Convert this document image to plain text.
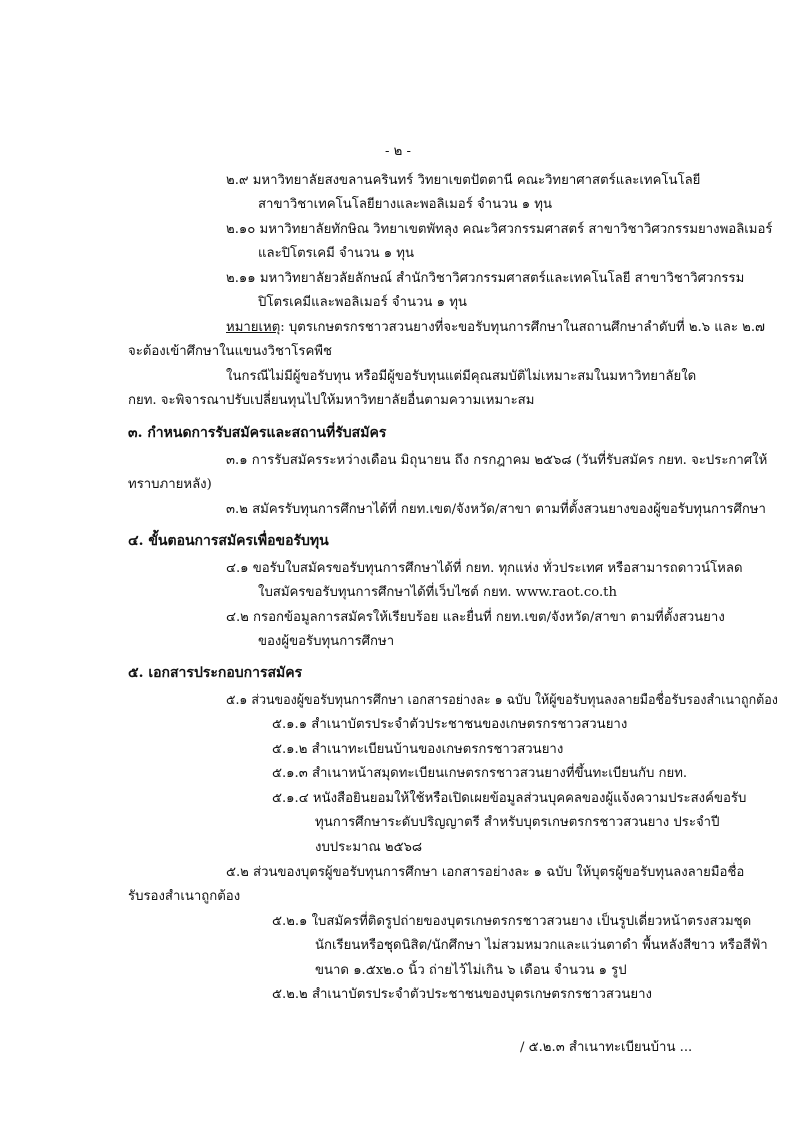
- ๒ -
๒.๙ มหาวิทยาลัยสงขลานครินทร์ วิทยาเขตปัตตานี คณะวิทยาศาสตร์และเทคโนโลยี
สาขาวิชาเทคโนโลยียางและพอลิเมอร์ จำนวน ๑ ทุน
๒.๑๐ มหาวิทยาลัยทักษิณ วิทยาเขตพัทลุง คณะวิศวกรรมศาสตร์ สาขาวิชาวิศวกรรมยางพอลิเมอร์
และปิโตรเคมี จำนวน ๑ ทุน
๒.๑๑ มหาวิทยาลัยวลัยลักษณ์ สำนักวิชาวิศวกรรมศาสตร์และเทคโนโลยี สาขาวิชาวิศวกรรม
ปิโตรเคมีและพอลิเมอร์ จำนวน ๑ ทุน
หมายเหตุ: บุตรเกษตรกรชาวสวนยางที่จะขอรับทุนการศึกษาในสถานศึกษาลำดับที่ ๒.๖ และ ๒.๗
จะต้องเข้าศึกษาในแขนงวิชาโรคพืช
ในกรณีไม่มีผู้ขอรับทุน หรือมีผู้ขอรับทุนแต่มีคุณสมบัติไม่เหมาะสมในมหาวิทยาลัยใด
กยท. จะพิจารณาปรับเปลี่ยนทุนไปให้มหาวิทยาลัยอื่นตามความเหมาะสม
๓. กำหนดการรับสมัครและสถานที่รับสมัคร
๓.๑ การรับสมัครระหว่างเดือน มิถุนายน ถึง กรกฎาคม ๒๕๖๘ (วันที่รับสมัคร กยท. จะประกาศให้
ทราบภายหลัง)
๓.๒ สมัครรับทุนการศึกษาได้ที่ กยท.เขต/จังหวัด/สาขา ตามที่ตั้งสวนยางของผู้ขอรับทุนการศึกษา
๔. ขั้นตอนการสมัครเพื่อขอรับทุน
๔.๑ ขอรับใบสมัครขอรับทุนการศึกษาได้ที่ กยท. ทุกแห่ง ทั่วประเทศ หรือสามารถดาวน์โหลด
ใบสมัครขอรับทุนการศึกษาได้ที่เว็บไซต์ กยท. www.raot.co.th
๔.๒ กรอกข้อมูลการสมัครให้เรียบร้อย และยื่นที่ กยท.เขต/จังหวัด/สาขา ตามที่ตั้งสวนยาง
ของผู้ขอรับทุนการศึกษา
๕. เอกสารประกอบการสมัคร
๕.๑ ส่วนของผู้ขอรับทุนการศึกษา เอกสารอย่างละ ๑ ฉบับ ให้ผู้ขอรับทุนลงลายมือชื่อรับรองสำเนาถูกต้อง
๕.๑.๑ สำเนาบัตรประจำตัวประชาชนของเกษตรกรชาวสวนยาง
๕.๑.๒ สำเนาทะเบียนบ้านของเกษตรกรชาวสวนยาง
๕.๑.๓ สำเนาหน้าสมุดทะเบียนเกษตรกรชาวสวนยางที่ขึ้นทะเบียนกับ กยท.
๕.๑.๔ หนังสือยินยอมให้ใช้หรือเปิดเผยข้อมูลส่วนบุคคลของผู้แจ้งความประสงค์ขอรับ
ทุนการศึกษาระดับปริญญาตรี สำหรับบุตรเกษตรกรชาวสวนยาง ประจำปี
งบประมาณ ๒๕๖๘
๕.๒ ส่วนของบุตรผู้ขอรับทุนการศึกษา เอกสารอย่างละ ๑ ฉบับ ให้บุตรผู้ขอรับทุนลงลายมือชื่อ
รับรองสำเนาถูกต้อง
๕.๒.๑ ใบสมัครที่ติดรูปถ่ายของบุตรเกษตรกรชาวสวนยาง เป็นรูปเดี่ยวหน้าตรงสวมชุด
นักเรียนหรือชุดนิสิต/นักศึกษา ไม่สวมหมวกและแว่นตาดำ พื้นหลังสีขาว หรือสีฟ้า
ขนาด ๑.๕x๒.๐ นิ้ว ถ่ายไว้ไม่เกิน ๖ เดือน จำนวน ๑ รูป
๕.๒.๒ สำเนาบัตรประจำตัวประชาชนของบุตรเกษตรกรชาวสวนยาง
/ ๕.๒.๓ สำเนาทะเบียนบ้าน ...
